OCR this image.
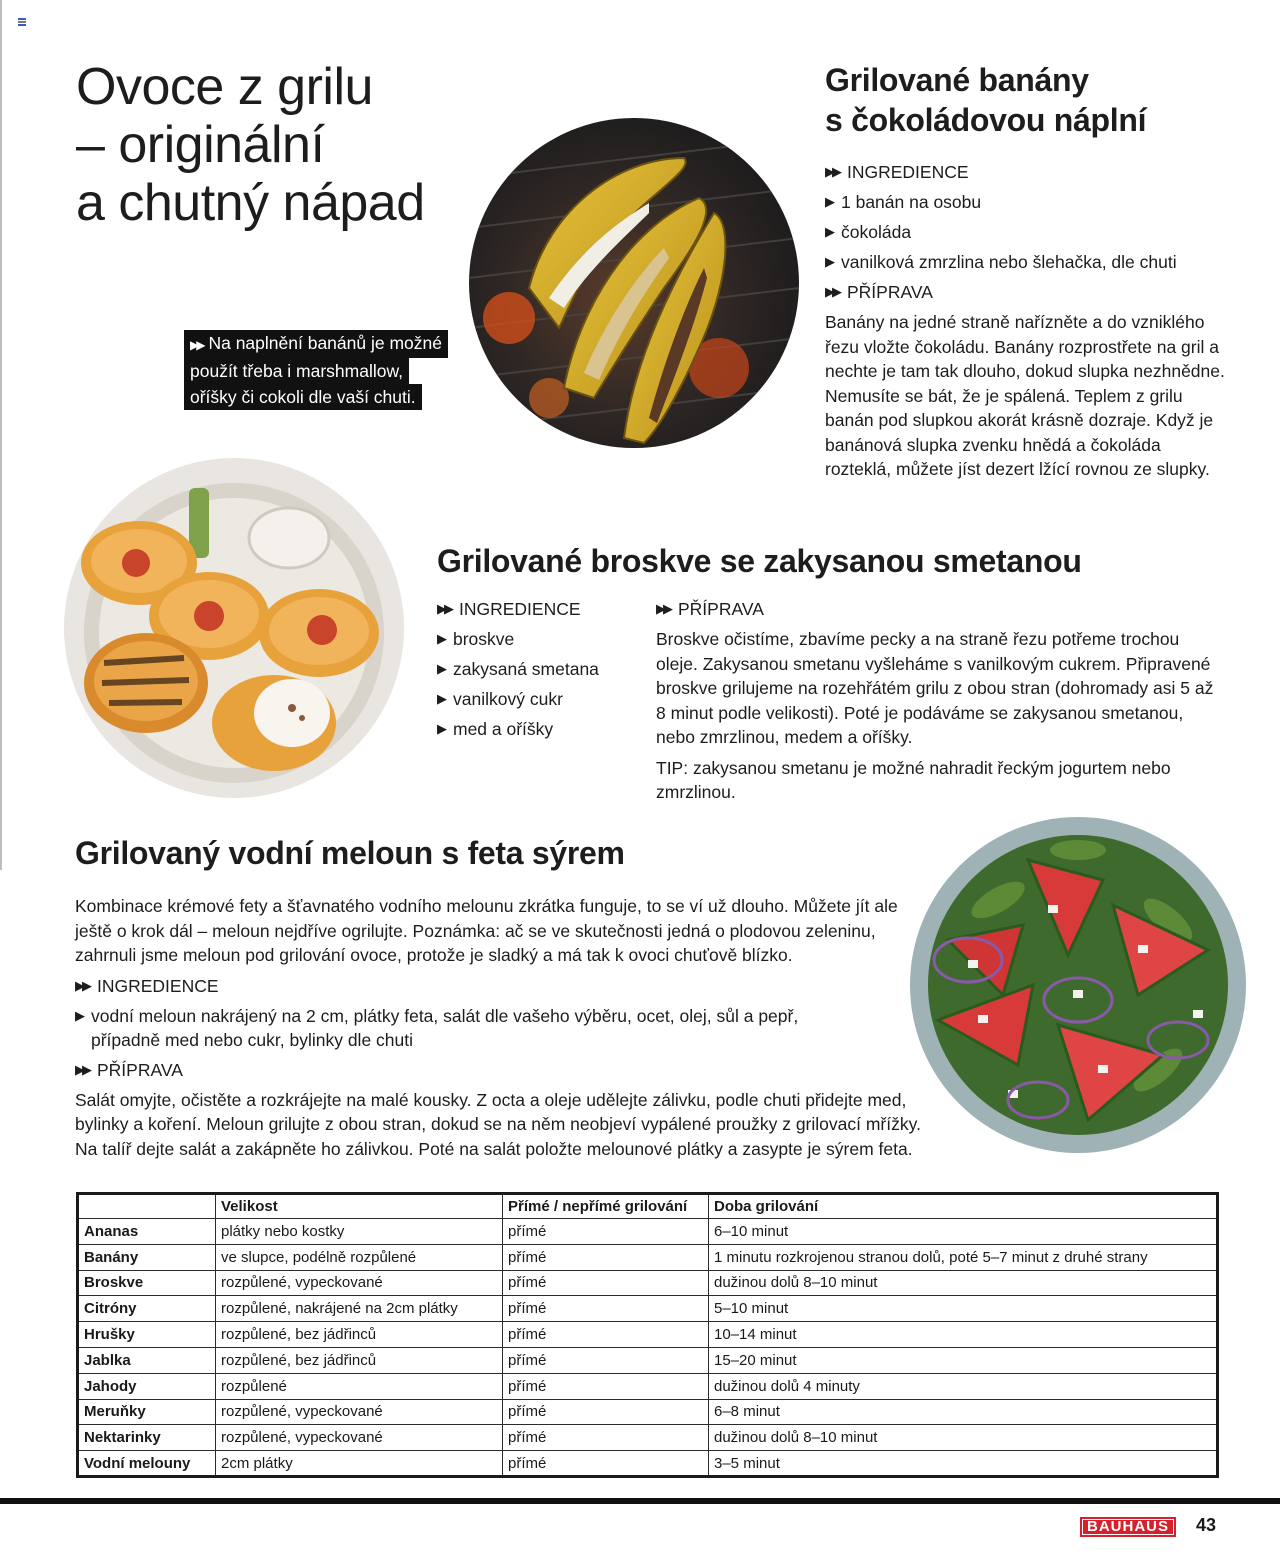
Ovoce z grilu
– originální
a chutný nápad
Grilované banány
s čokoládovou náplní
▶▶ INGREDIENCE
▶ 1 banán na osobu
▶ čokoláda
▶ vanilková zmrzlina nebo šlehačka, dle chuti
▶▶ PŘÍPRAVA

Banány na jedné straně nařízněte a do vzniklého řezu vložte čokoládu. Banány rozprostřete na gril a nechte je tam tak dlouho, dokud slupka nezhnědne. Nemusíte se bát, že je spálená. Teplem z grilu banán pod slupkou akorát krásně dozraje. Když je banánová slupka zvenku hnědá a čokoláda rozteklá, můžete jíst dezert lžící rovnou ze slupky.

▶▶ Na naplnění banánů je možné
použít třeba i marshmallow,
oříšky či cokoli dle vaší chuti.
Grilované broskve se zakysanou smetanou
▶▶ INGREDIENCE
▶ broskve
▶ zakysaná smetana
▶ vanilkový cukr
▶ med a oříšky
▶▶ PŘÍPRAVA

Broskve očistíme, zbavíme pecky a na straně řezu potřeme trochou oleje. Zakysanou smetanu vyšleháme s vanilkovým cukrem. Připravené broskve grilujeme na rozehřátém grilu z obou stran (dohromady asi 5 až 8 minut podle velikosti). Poté je podáváme se zakysanou smetanou, nebo zmrzlinou, medem a oříšky.

TIP: zakysanou smetanu je možné nahradit řeckým jogurtem nebo zmrzlinou.

Grilovaný vodní meloun s feta sýrem

Kombinace krémové fety a šťavnatého vodního melounu zkrátka funguje, to se ví už dlouho. Můžete jít ale ještě o krok dál – meloun nejdříve ogrilujte. Poznámka: ač se ve skutečnosti jedná o plodovou zeleninu, zahrnuli jsme meloun pod grilování ovoce, protože je sladký a má tak k ovoci chuťově blízko.

▶▶ INGREDIENCE
▶ vodní meloun nakrájený na 2 cm, plátky feta, salát dle vašeho výběru, ocet, olej, sůl a pepř, případně med nebo cukr, bylinky dle chuti
▶▶ PŘÍPRAVA

Salát omyjte, očistěte a rozkrájejte na malé kousky. Z octa a oleje udělejte zálivku, podle chuti přidejte med, bylinky a koření. Meloun grilujte z obou stran, dokud se na něm neobjeví vypálené proužky z grilovací mřížky. Na talíř dejte salát a zakápněte ho zálivkou. Poté na salát položte melounové plátky a zasypte je sýrem feta.

	Velikost	Přímé / nepřímé grilování	Doba grilování
Ananas	plátky nebo kostky	přímé	6–10 minut
Banány	ve slupce, podélně rozpůlené	přímé	1 minutu rozkrojenou stranou dolů, poté 5–7 minut z druhé strany
Broskve	rozpůlené, vypeckované	přímé	dužinou dolů 8–10 minut
Citróny	rozpůlené, nakrájené na 2cm plátky	přímé	5–10 minut
Hrušky	rozpůlené, bez jádřinců	přímé	10–14 minut
Jablka	rozpůlené, bez jádřinců	přímé	15–20 minut
Jahody	rozpůlené	přímé	dužinou dolů 4 minuty
Meruňky	rozpůlené, vypeckované	přímé	6–8 minut
Nektarinky	rozpůlené, vypeckované	přímé	dužinou dolů 8–10 minut
Vodní melouny	2cm plátky	přímé	3–5 minut
BAUHAUS	43
